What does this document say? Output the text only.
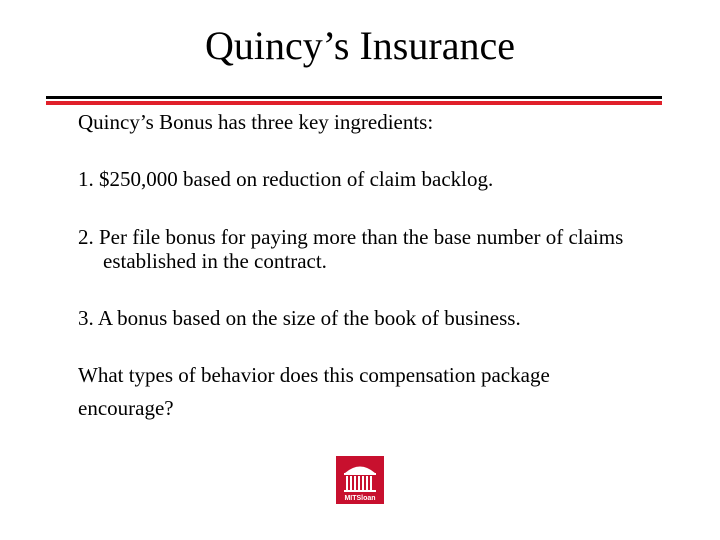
Quincy’s Insurance

Quincy’s Bonus has three key ingredients:

1. $250,000 based on reduction of claim backlog.

2. Per file bonus for paying more than the base number of claims

established in the contract.

3. A bonus based on the size of the book of business.

What types of behavior does this compensation package

encourage?

MITSloan
